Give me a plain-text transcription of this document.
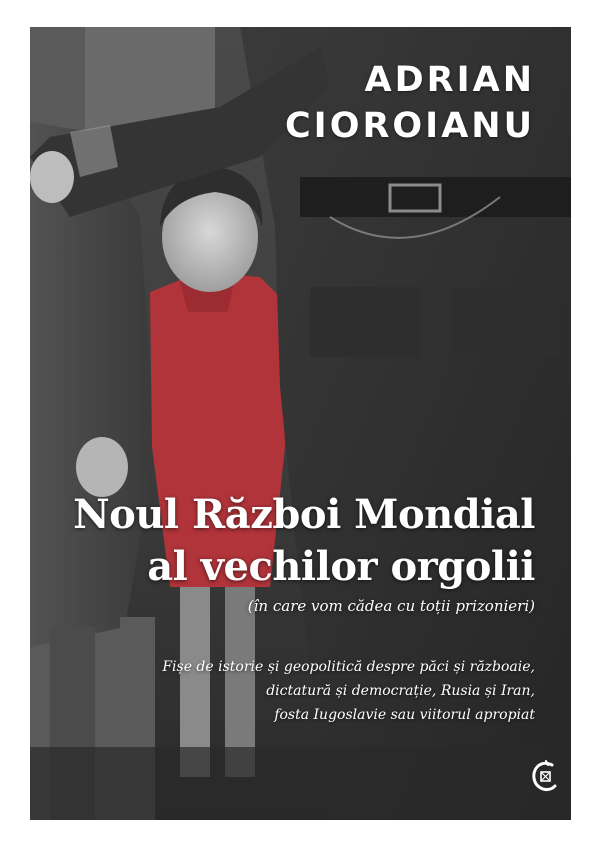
ADRIAN
CIOROIANU
Noul Război Mondial
al vechilor orgolii
(în care vom cădea cu toții prizonieri)
Fișe de istorie și geopolitică despre păci și războaie,
dictatură și democrație, Rusia și Iran,
fosta Iugoslavie sau viitorul apropiat
